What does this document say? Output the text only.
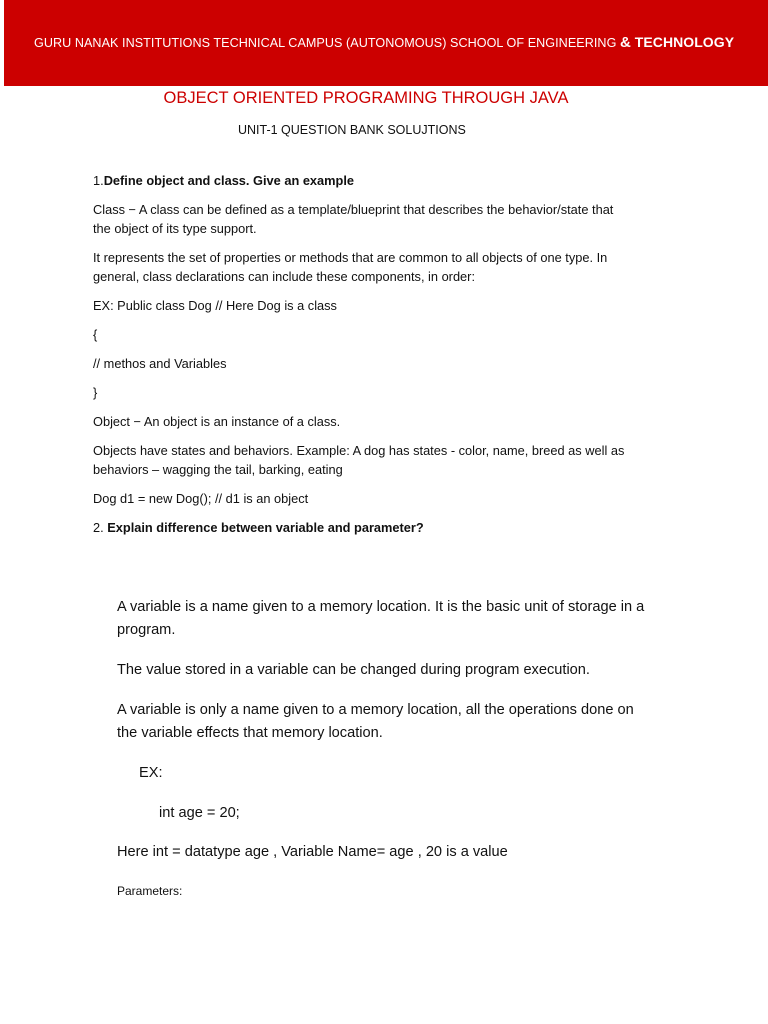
GURU NANAK INSTITUTIONS TECHNICAL CAMPUS (AUTONOMOUS) SCHOOL OF ENGINEERING & TECHNOLOGY
OBJECT ORIENTED PROGRAMING THROUGH JAVA
UNIT-1 QUESTION BANK SOLUJTIONS
1.Define object and class. Give an example
Class − A class can be defined as a template/blueprint that describes the behavior/state that
the object of its type support.
It represents the set of properties or methods that are common to all objects of one type. In
general, class declarations can include these components, in order:
EX: Public class Dog // Here Dog is a class
{
// methos and Variables
}
Object − An object is an instance of a class.
Objects have states and behaviors. Example: A dog has states - color, name, breed as well as
behaviors – wagging the tail, barking, eating
Dog d1 = new Dog(); // d1 is an object
2. Explain difference between variable and parameter?
A variable is a name given to a memory location. It is the basic unit of storage in a
program.
The value stored in a variable can be changed during program execution.
A variable is only a name given to a memory location, all the operations done on
the variable effects that memory location.
EX:
int age = 20;
Here int = datatype age , Variable Name= age , 20 is a value
Parameters:
